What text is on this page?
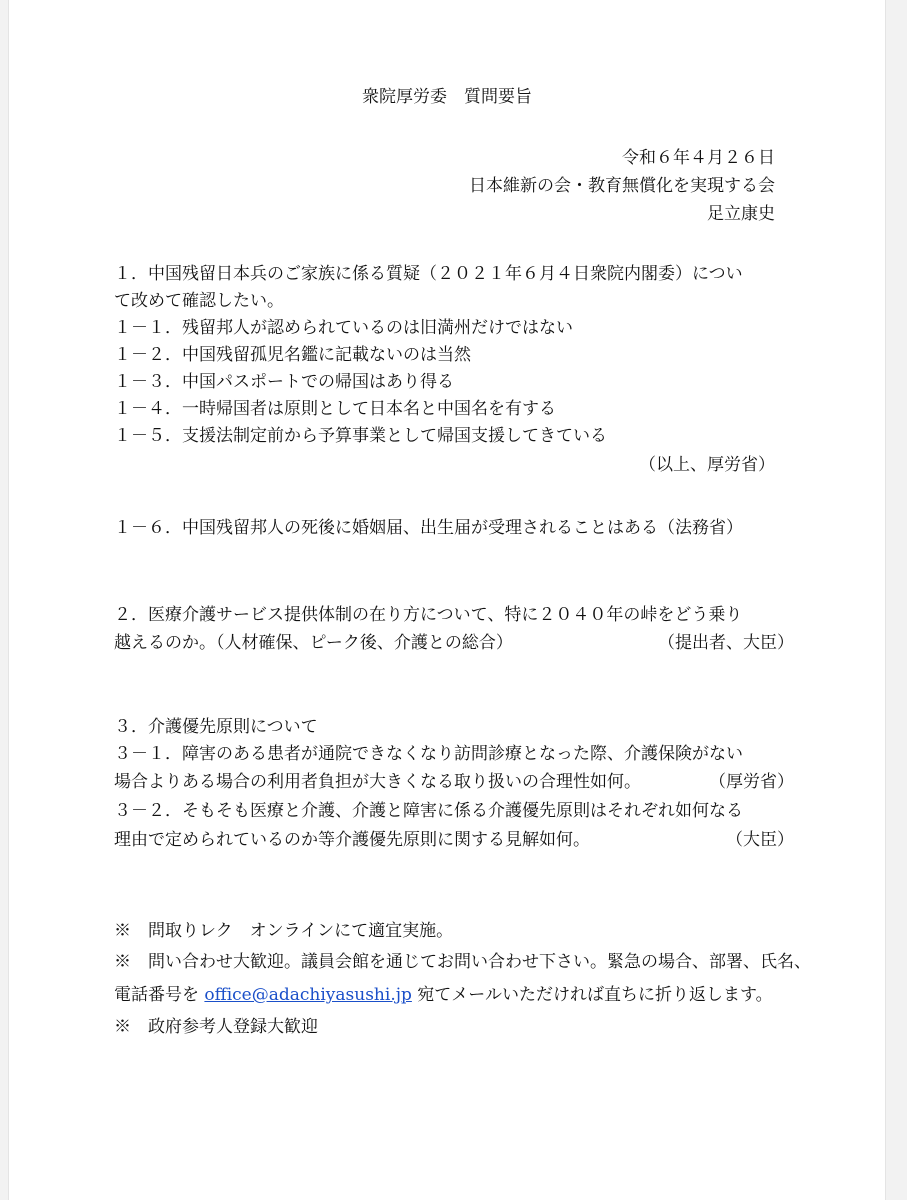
衆院厚労委　質問要旨
令和６年４月２６日
日本維新の会・教育無償化を実現する会
足立康史
１．中国残留日本兵のご家族に係る質疑（２０２１年６月４日衆院内閣委）につい
て改めて確認したい。
１－１．残留邦人が認められているのは旧満州だけではない
１－２．中国残留孤児名鑑に記載ないのは当然
１－３．中国パスポートでの帰国はあり得る
１－４．一時帰国者は原則として日本名と中国名を有する
１－５．支援法制定前から予算事業として帰国支援してきている
（以上、厚労省）
１－６．中国残留邦人の死後に婚姻届、出生届が受理されることはある（法務省）
２．医療介護サービス提供体制の在り方について、特に２０４０年の峠をどう乗り
越えるのか。（人材確保、ピーク後、介護との総合）	（提出者、大臣）
３．介護優先原則について
３－１．障害のある患者が通院できなくなり訪問診療となった際、介護保険がない
場合よりある場合の利用者負担が大きくなる取り扱いの合理性如何。	（厚労省）
３－２．そもそも医療と介護、介護と障害に係る介護優先原則はそれぞれ如何なる
理由で定められているのか等介護優先原則に関する見解如何。	（大臣）
※　問取りレク　オンラインにて適宜実施。
※　問い合わせ大歓迎。議員会館を通じてお問い合わせ下さい。緊急の場合、部署、氏名、
電話番号を office@adachiyasushi.jp 宛てメールいただければ直ちに折り返します。
※　政府参考人登録大歓迎
